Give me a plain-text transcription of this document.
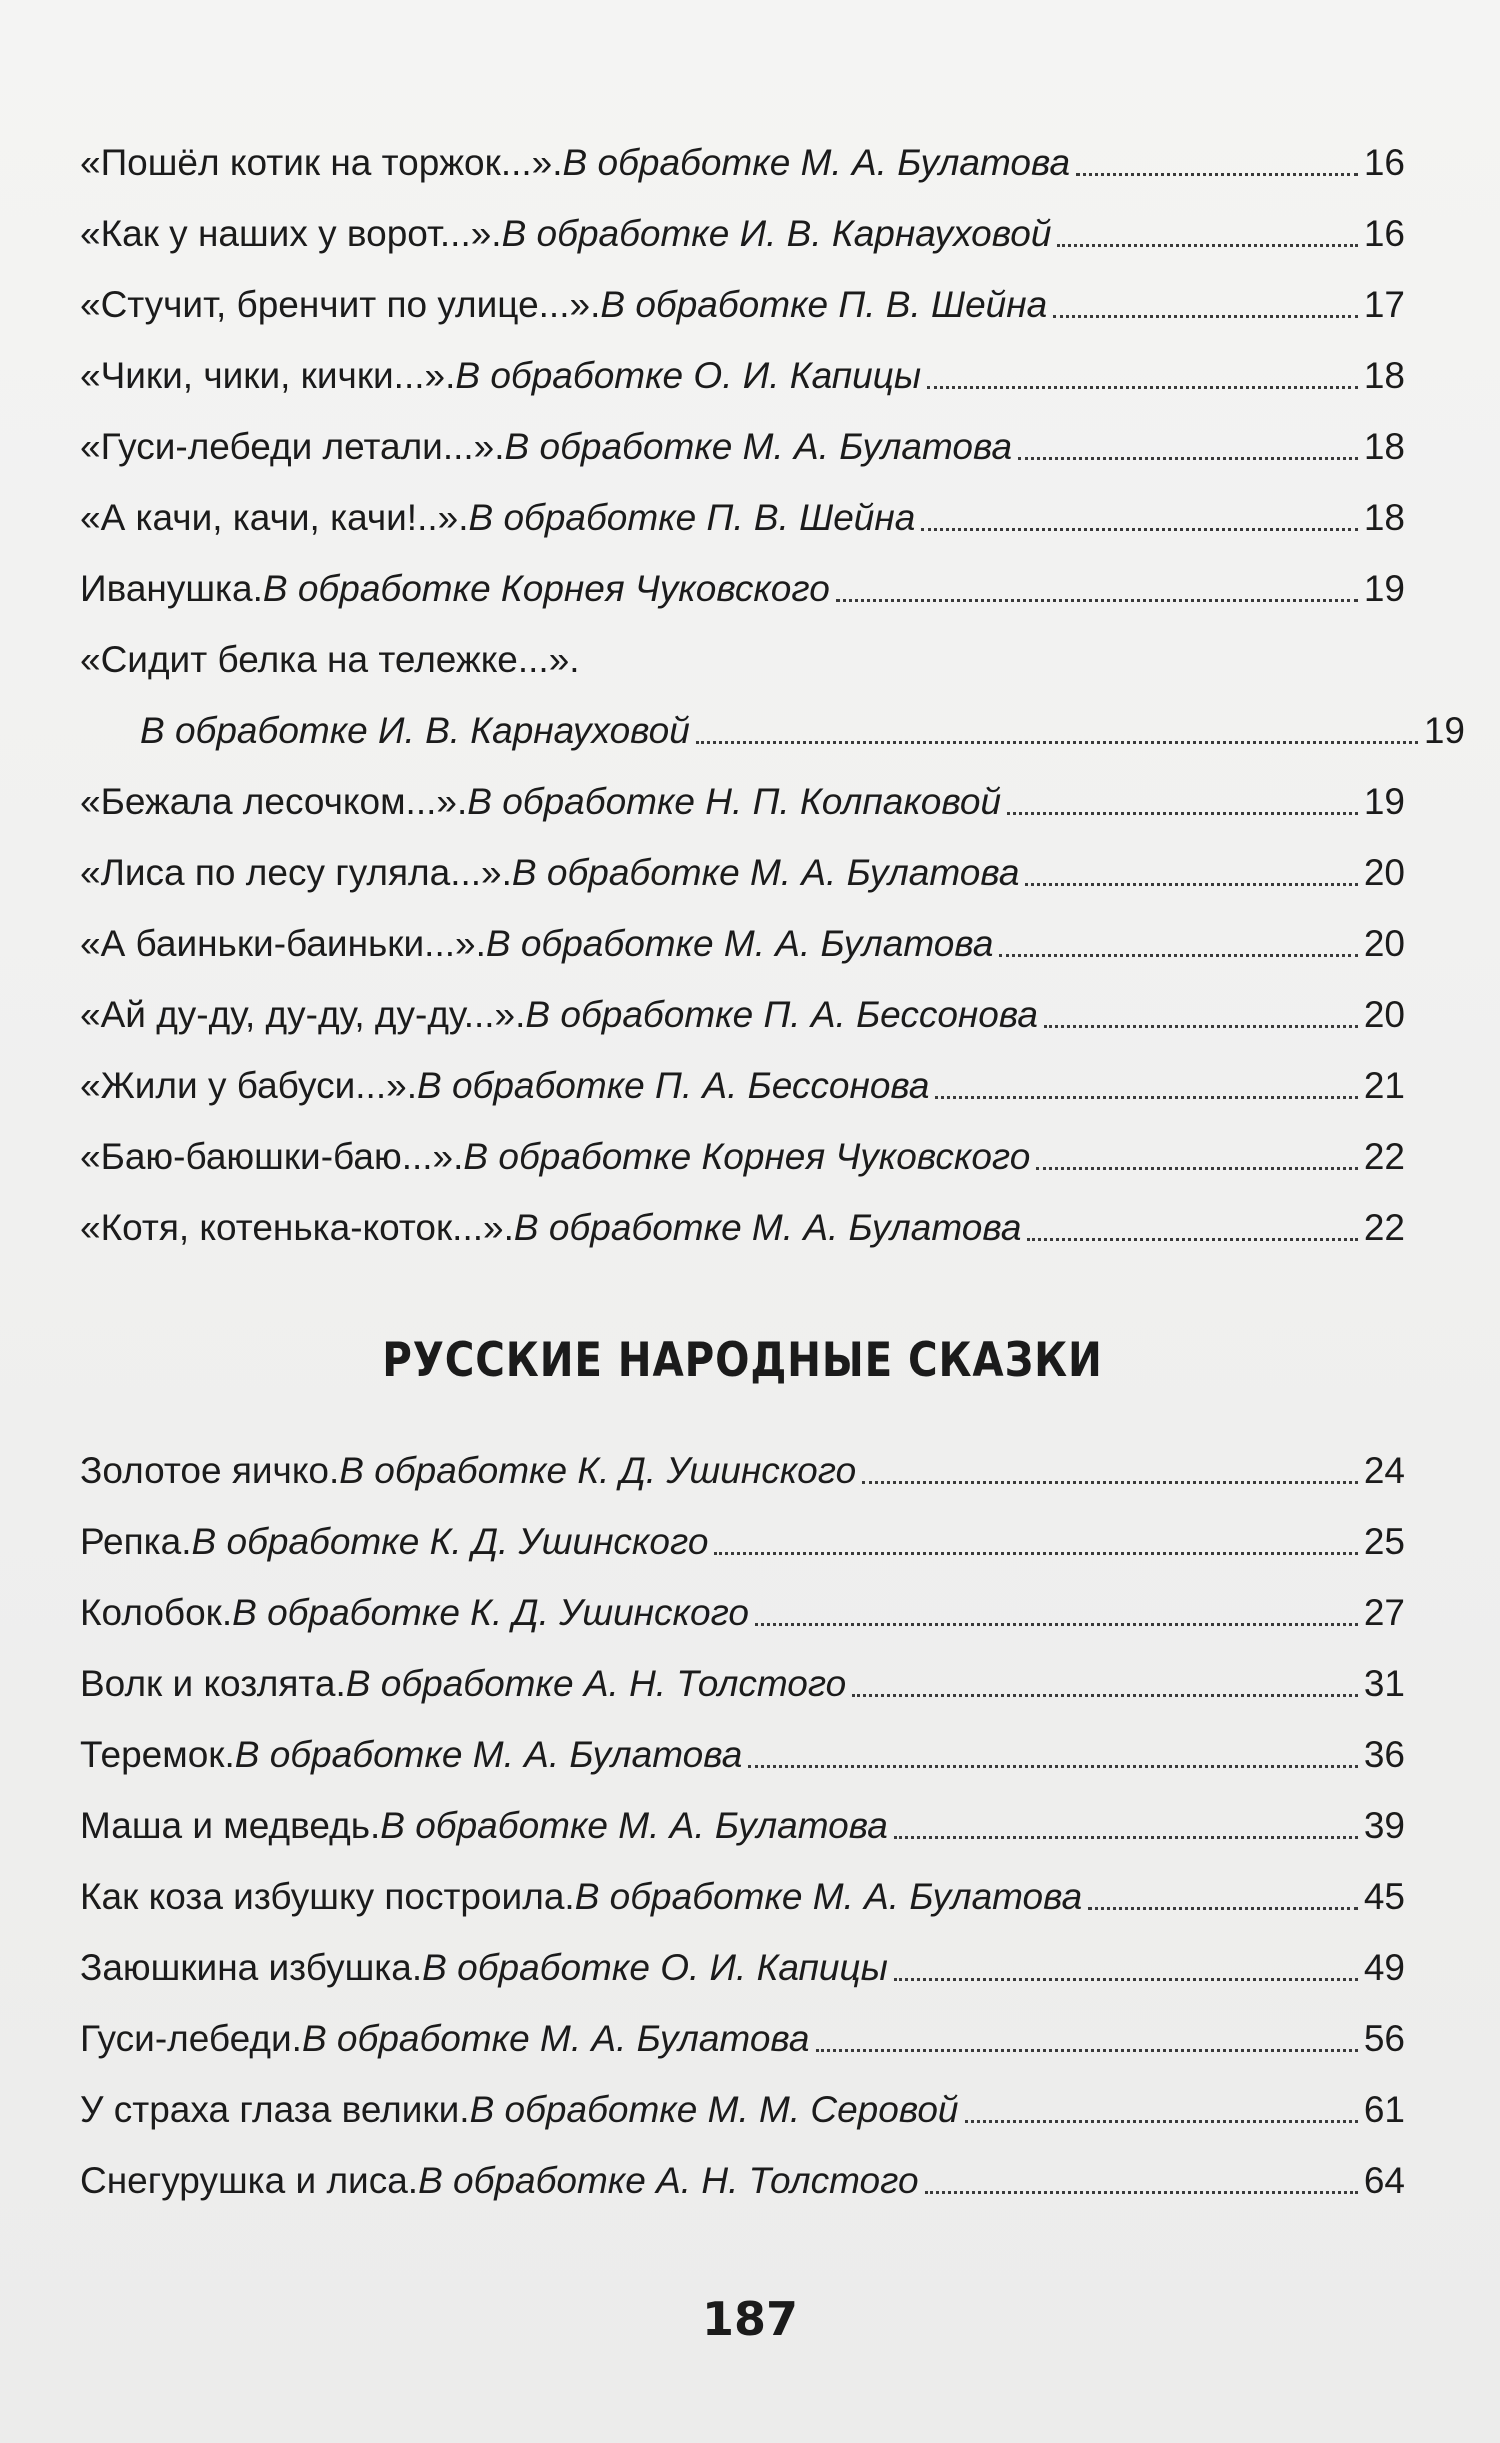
«Пошёл котик на торжок...». В обработке М. А. Булатова	16
«Как у наших у ворот...». В обработке И. В. Карнауховой	16
«Стучит, бренчит по улице...». В обработке П. В. Шейна	17
«Чики, чики, кички...». В обработке О. И. Капицы	18
«Гуси-лебеди летали...». В обработке М. А. Булатова	18
«А качи, качи, качи!..». В обработке П. В. Шейна	18
Иванушка. В обработке Корнея Чуковского	19
«Сидит белка на тележке...».
В обработке И. В. Карнауховой	19
«Бежала лесочком...». В обработке Н. П. Колпаковой	19
«Лиса по лесу гуляла...». В обработке М. А. Булатова	20
«А баиньки-баиньки...». В обработке М. А. Булатова	20
«Ай ду-ду, ду-ду, ду-ду...». В обработке П. А. Бессонова	20
«Жили у бабуси...». В обработке П. А. Бессонова	21
«Баю-баюшки-баю...». В обработке Корнея Чуковского	22
«Котя, котенька-коток...». В обработке М. А. Булатова	22
РУССКИЕ НАРОДНЫЕ СКАЗКИ
Золотое яичко. В обработке К. Д. Ушинского	24
Репка. В обработке К. Д. Ушинского	25
Колобок. В обработке К. Д. Ушинского	27
Волк и козлята. В обработке А. Н. Толстого	31
Теремок. В обработке М. А. Булатова	36
Маша и медведь. В обработке М. А. Булатова	39
Как коза избушку построила. В обработке М. А. Булатова	45
Заюшкина избушка. В обработке О. И. Капицы	49
Гуси-лебеди. В обработке М. А. Булатова	56
У страха глаза велики. В обработке М. М. Серовой	61
Снегурушка и лиса. В обработке А. Н. Толстого	64
187
